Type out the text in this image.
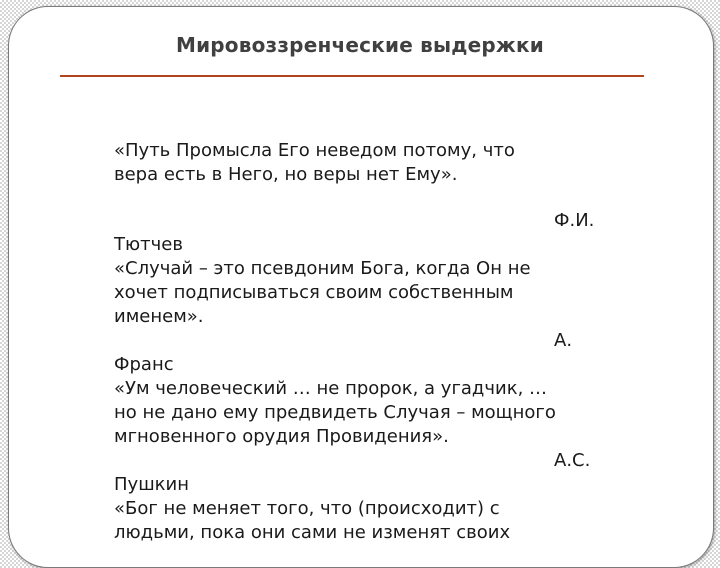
Мировоззренческие выдержки
«Путь Промысла Его неведом потому, что
вера есть в Него, но веры нет Ему».
Ф.И.
Тютчев
«Случай – это псевдоним Бога, когда Он не
хочет подписываться своим собственным
именем».
А.
Франс
«Ум человеческий … не пророк, а угадчик, …
но не дано ему предвидеть Случая – мощного
мгновенного орудия Провидения».
А.С.
Пушкин
«Бог не меняет того, что (происходит) с
людьми, пока они сами не изменят своих
